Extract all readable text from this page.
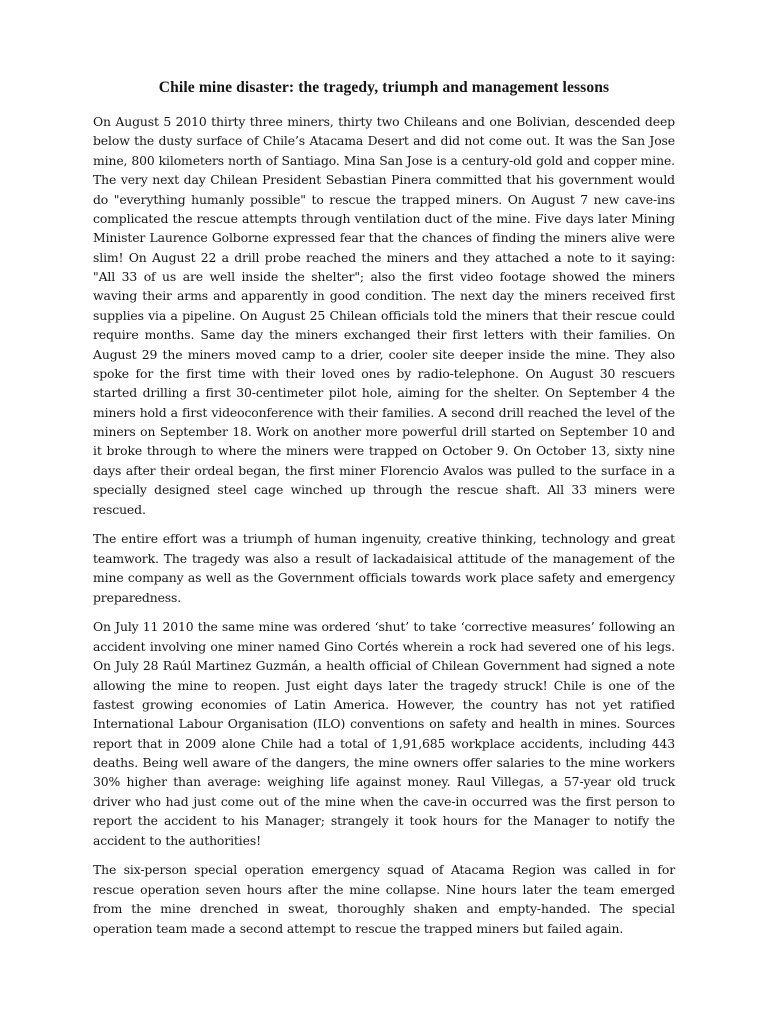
Chile mine disaster: the tragedy, triumph and management lessons

On August 5 2010 thirty three miners, thirty two Chileans and one Bolivian, descended deep below the dusty surface of Chile’s Atacama Desert and did not come out. It was the San Jose mine, 800 kilometers north of Santiago. Mina San Jose is a century-old gold and copper mine. The very next day Chilean President Sebastian Pinera committed that his government would do "everything humanly possible" to rescue the trapped miners. On August 7 new cave-ins complicated the rescue attempts through ventilation duct of the mine. Five days later Mining Minister Laurence Golborne expressed fear that the chances of finding the miners alive were slim! On August 22 a drill probe reached the miners and they attached a note to it saying: "All 33 of us are well inside the shelter"; also the first video footage showed the miners waving their arms and apparently in good condition. The next day the miners received first supplies via a pipeline. On August 25 Chilean officials told the miners that their rescue could require months. Same day the miners exchanged their first letters with their families. On August 29 the miners moved camp to a drier, cooler site deeper inside the mine. They also spoke for the first time with their loved ones by radio-telephone. On August 30 rescuers started drilling a first 30-centimeter pilot hole, aiming for the shelter. On September 4 the miners hold a first videoconference with their families. A second drill reached the level of the miners on September 18. Work on another more powerful drill started on September 10 and it broke through to where the miners were trapped on October 9. On October 13, sixty nine days after their ordeal began, the first miner Florencio Avalos was pulled to the surface in a specially designed steel cage winched up through the rescue shaft. All 33 miners were rescued.

The entire effort was a triumph of human ingenuity, creative thinking, technology and great teamwork. The tragedy was also a result of lackadaisical attitude of the management of the mine company as well as the Government officials towards work place safety and emergency preparedness.

On July 11 2010 the same mine was ordered ‘shut’ to take ‘corrective measures’ following an accident involving one miner named Gino Cortés wherein a rock had severed one of his legs. On July 28 Raúl Martinez Guzmán, a health official of Chilean Government had signed a note allowing the mine to reopen. Just eight days later the tragedy struck! Chile is one of the fastest growing economies of Latin America. However, the country has not yet ratified International Labour Organisation (ILO) conventions on safety and health in mines. Sources report that in 2009 alone Chile had a total of 1,91,685 workplace accidents, including 443 deaths. Being well aware of the dangers, the mine owners offer salaries to the mine workers 30% higher than average: weighing life against money. Raul Villegas, a 57-year old truck driver who had just come out of the mine when the cave-in occurred was the first person to report the accident to his Manager; strangely it took hours for the Manager to notify the accident to the authorities!

The six-person special operation emergency squad of Atacama Region was called in for rescue operation seven hours after the mine collapse. Nine hours later the team emerged from the mine drenched in sweat, thoroughly shaken and empty-handed. The special operation team made a second attempt to rescue the trapped miners but failed again.
